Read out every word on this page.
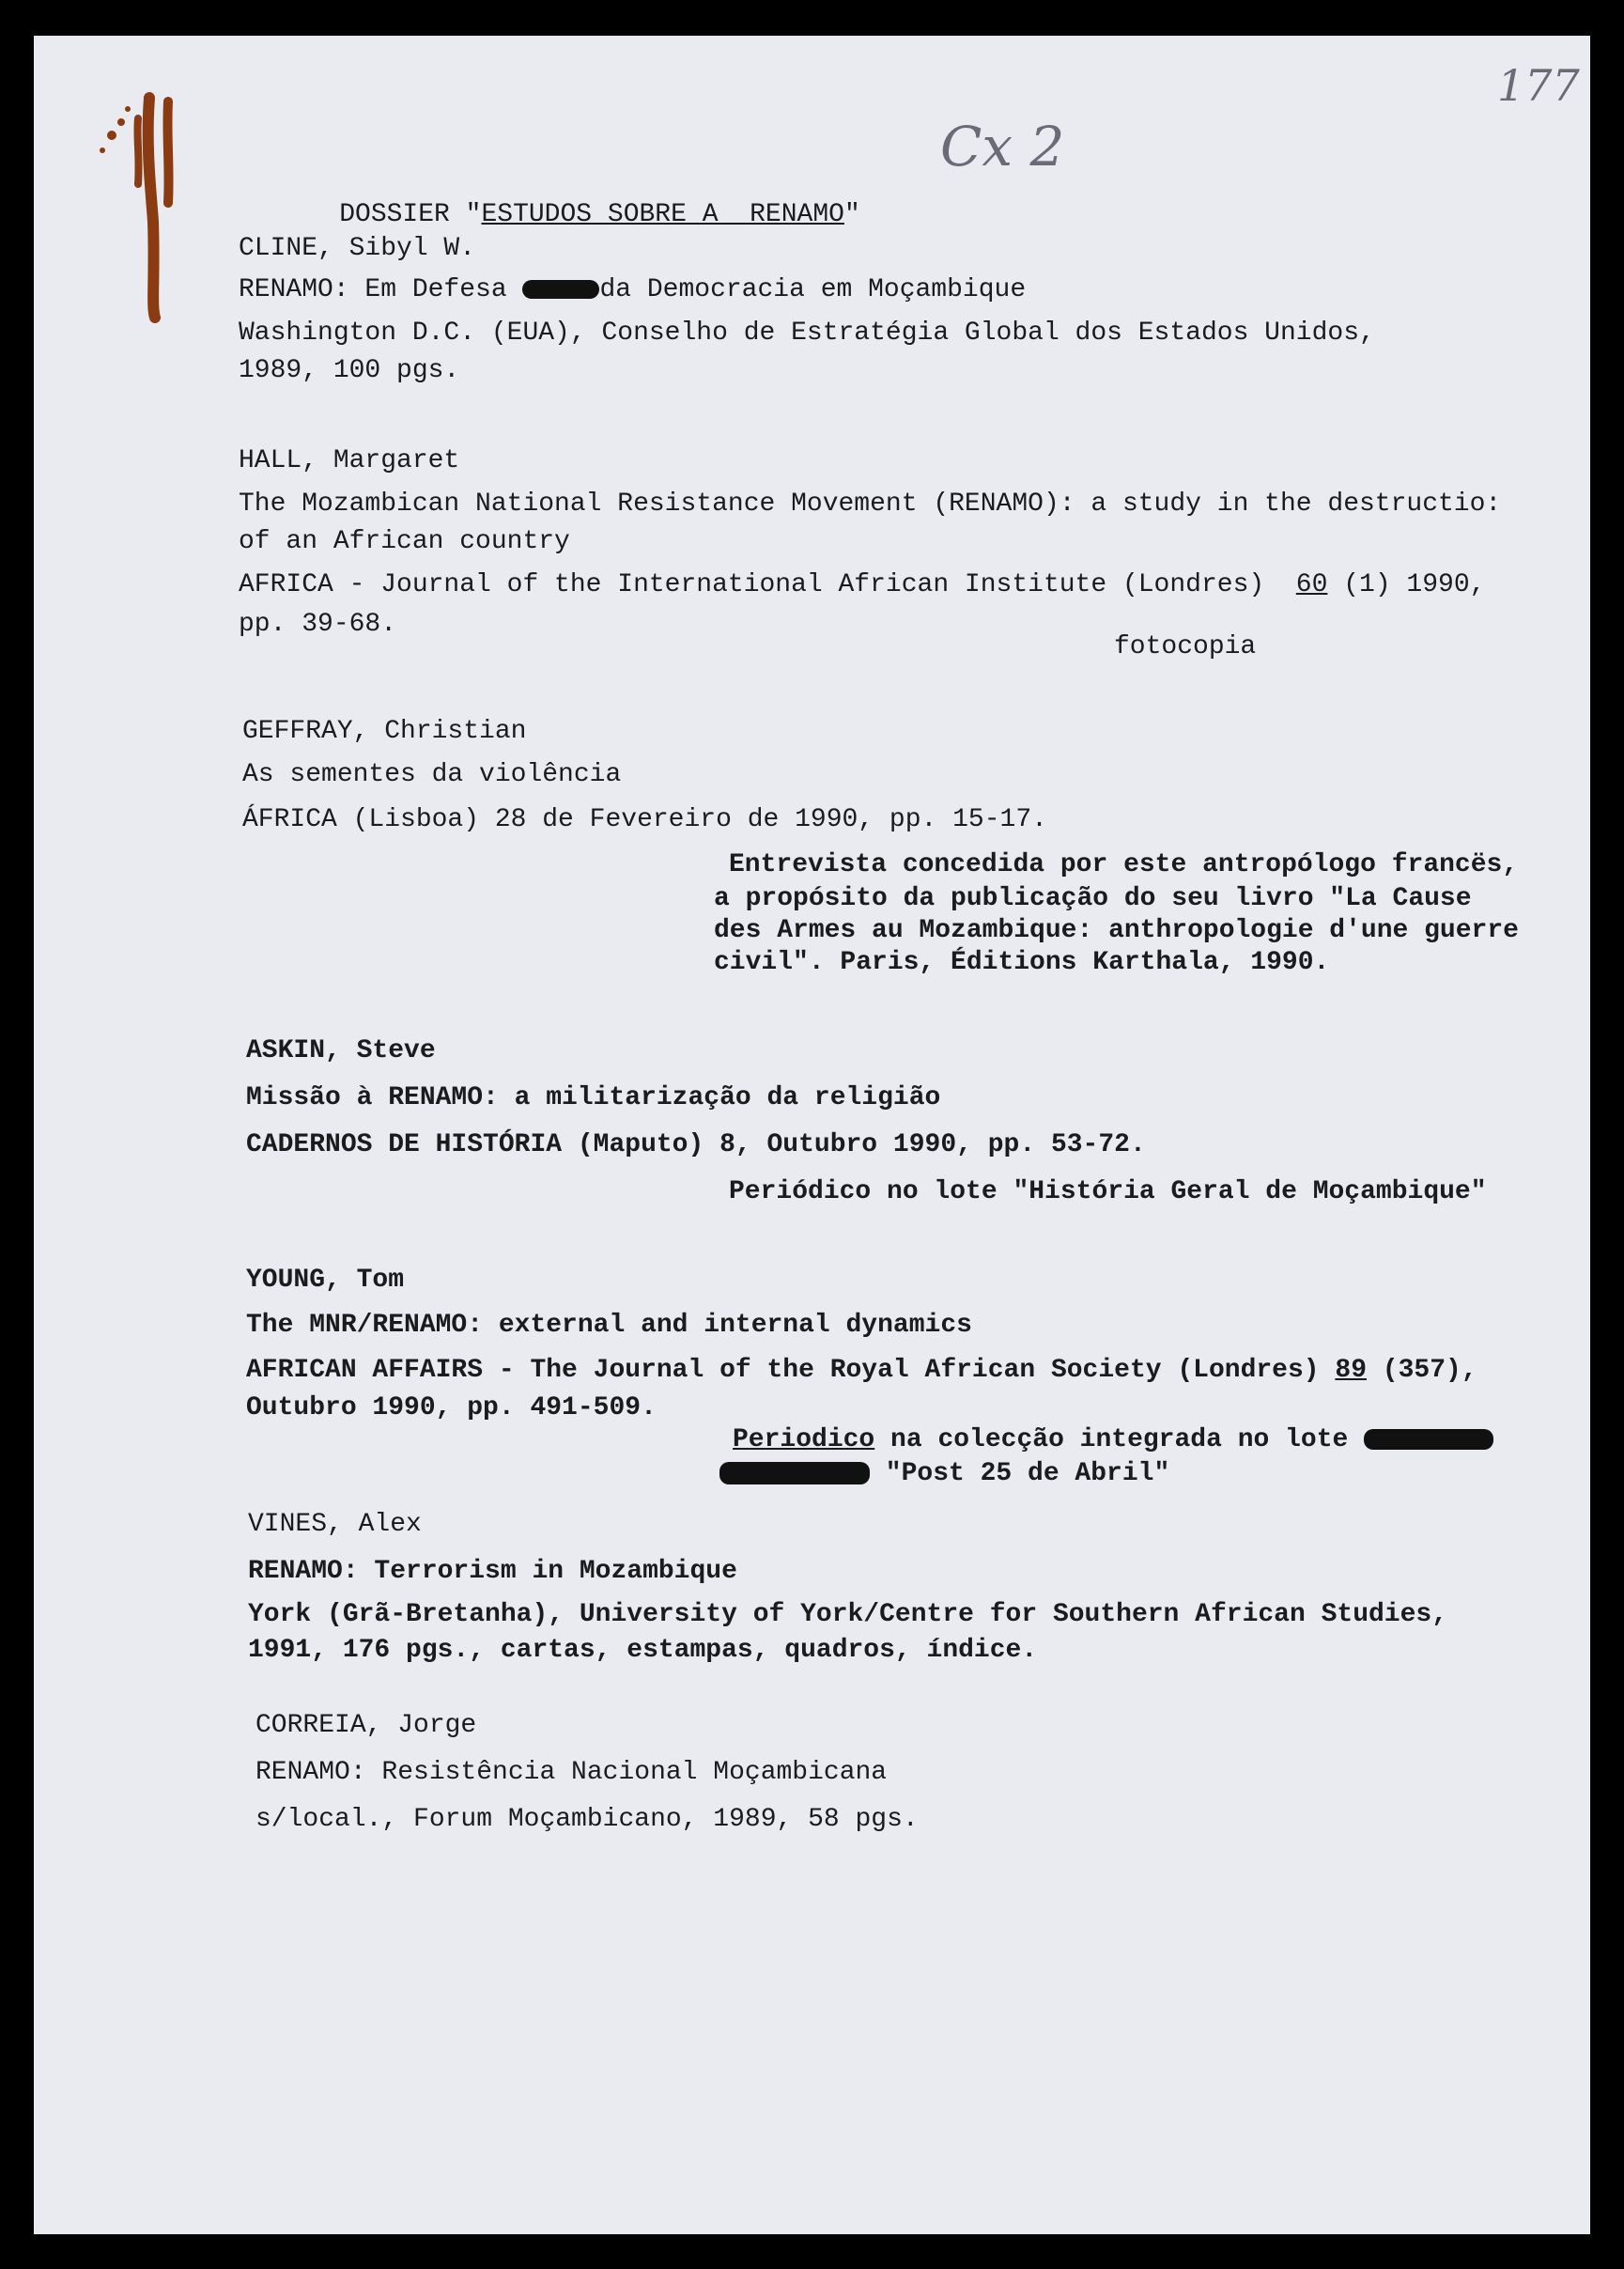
177
Cx 2

DOSSIER "ESTUDOS SOBRE A  RENAMO"

CLINE, Sibyl W.
RENAMO: Em Defesa	da Democracia em Moçambique
Washington D.C. (EUA), Conselho de Estratégia Global dos Estados Unidos,
1989, 100 pgs.
HALL, Margaret
The Mozambican National Resistance Movement (RENAMO): a study in the destructio:
of an African country
AFRICA - Journal of the International African Institute (Londres)  60 (1) 1990,
pp. 39-68.
fotocopia
GEFFRAY, Christian
As sementes da violência
ÁFRICA (Lisboa) 28 de Fevereiro de 1990, pp. 15-17.
Entrevista concedida por este antropólogo francës,
a propósito da publicação do seu livro "La Cause
des Armes au Mozambique: anthropologie d'une guerre
civil". Paris, Éditions Karthala, 1990.
ASKIN, Steve
Missão à RENAMO: a militarização da religião
CADERNOS DE HISTÓRIA (Maputo) 8, Outubro 1990, pp. 53-72.
Periódico no lote "História Geral de Moçambique"
YOUNG, Tom
The MNR/RENAMO: external and internal dynamics
AFRICAN AFFAIRS - The Journal of the Royal African Society (Londres) 89 (357),
Outubro 1990, pp. 491-509.
Periodico na colecção integrada no lote
"Post 25 de Abril"
VINES, Alex
RENAMO: Terrorism in Mozambique
York (Grã-Bretanha), University of York/Centre for Southern African Studies,
1991, 176 pgs., cartas, estampas, quadros, índice.
CORREIA, Jorge
RENAMO: Resistência Nacional Moçambicana
s/local., Forum Moçambicano, 1989, 58 pgs.
